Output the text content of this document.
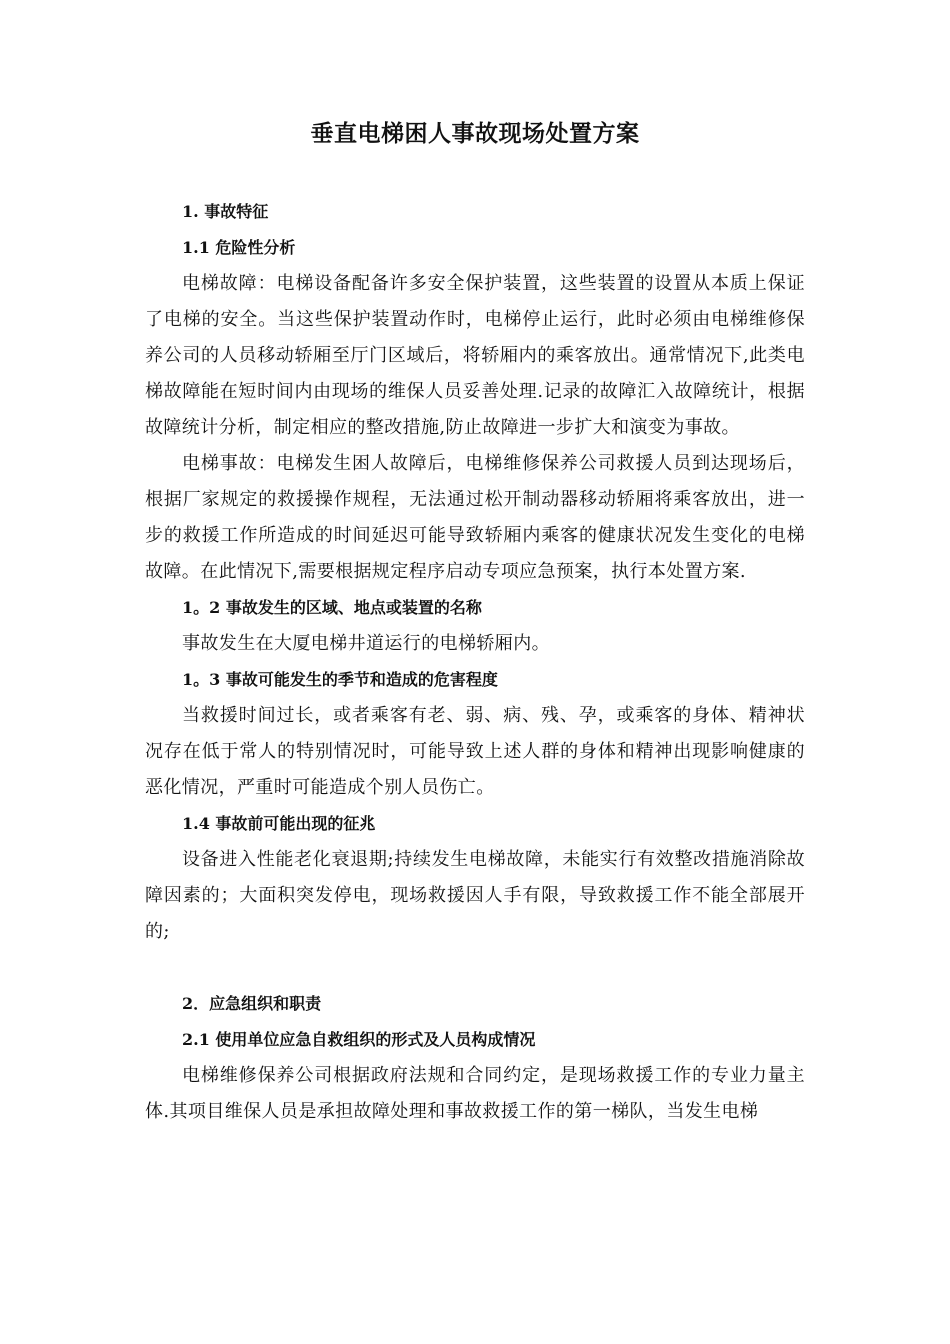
垂直电梯困人事故现场处置方案

1. 事故特征

1.1 危险性分析

电梯故障：电梯设备配备许多安全保护装置，这些装置的设置从本质上保证了电梯的安全。当这些保护装置动作时，电梯停止运行，此时必须由电梯维修保养公司的人员移动轿厢至厅门区域后，将轿厢内的乘客放出。通常情况下,此类电梯故障能在短时间内由现场的维保人员妥善处理.记录的故障汇入故障统计，根据故障统计分析，制定相应的整改措施,防止故障进一步扩大和演变为事故。

电梯事故：电梯发生困人故障后，电梯维修保养公司救援人员到达现场后，根据厂家规定的救援操作规程，无法通过松开制动器移动轿厢将乘客放出，进一步的救援工作所造成的时间延迟可能导致轿厢内乘客的健康状况发生变化的电梯故障。在此情况下,需要根据规定程序启动专项应急预案，执行本处置方案.

1。2 事故发生的区域、地点或装置的名称

事故发生在大厦电梯井道运行的电梯轿厢内。

1。3 事故可能发生的季节和造成的危害程度

当救援时间过长，或者乘客有老、弱、病、残、孕，或乘客的身体、精神状况存在低于常人的特别情况时，可能导致上述人群的身体和精神出现影响健康的恶化情况，严重时可能造成个别人员伤亡。

1.4 事故前可能出现的征兆

设备进入性能老化衰退期;持续发生电梯故障，未能实行有效整改措施消除故障因素的；大面积突发停电，现场救援因人手有限，导致救援工作不能全部展开的;

2．应急组织和职责

2.1 使用单位应急自救组织的形式及人员构成情况

电梯维修保养公司根据政府法规和合同约定，是现场救援工作的专业力量主体.其项目维保人员是承担故障处理和事故救援工作的第一梯队，当发生电梯
